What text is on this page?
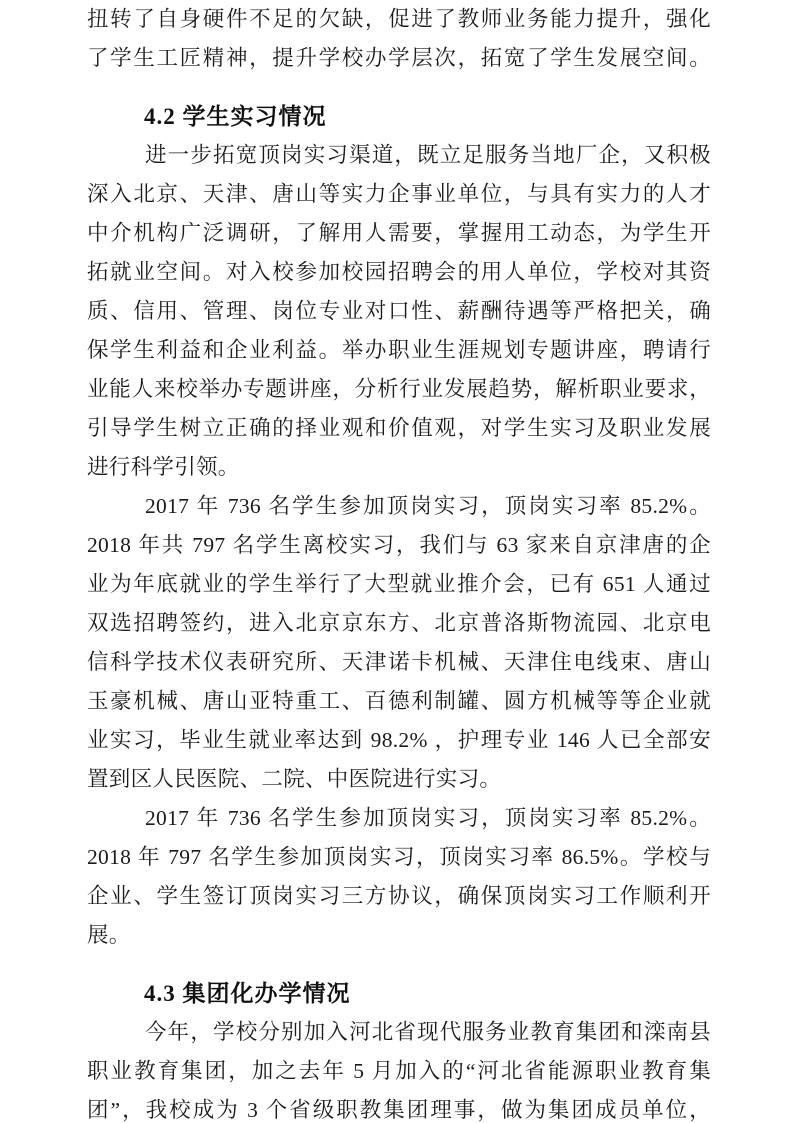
扭转了自身硬件不足的欠缺，促进了教师业务能力提升，强化
了学生工匠精神，提升学校办学层次，拓宽了学生发展空间。
4.2 学生实习情况
进一步拓宽顶岗实习渠道，既立足服务当地厂企，又积极
深入北京、天津、唐山等实力企事业单位，与具有实力的人才
中介机构广泛调研，了解用人需要，掌握用工动态，为学生开
拓就业空间。对入校参加校园招聘会的用人单位，学校对其资
质、信用、管理、岗位专业对口性、薪酬待遇等严格把关，确
保学生利益和企业利益。举办职业生涯规划专题讲座，聘请行
业能人来校举办专题讲座，分析行业发展趋势，解析职业要求，
引导学生树立正确的择业观和价值观，对学生实习及职业发展
进行科学引领。
2017 年 736 名学生参加顶岗实习，顶岗实习率 85.2%。
2018 年共 797 名学生离校实习，我们与 63 家来自京津唐的企
业为年底就业的学生举行了大型就业推介会，已有 651 人通过
双选招聘签约，进入北京京东方、北京普洛斯物流园、北京电
信科学技术仪表研究所、天津诺卡机械、天津住电线束、唐山
玉豪机械、唐山亚特重工、百德利制罐、圆方机械等等企业就
业实习，毕业生就业率达到 98.2% ，护理专业 146 人已全部安
置到区人民医院、二院、中医院进行实习。
2017 年 736 名学生参加顶岗实习，顶岗实习率 85.2%。
2018 年 797 名学生参加顶岗实习，顶岗实习率 86.5%。学校与
企业、学生签订顶岗实习三方协议，确保顶岗实习工作顺利开
展。
4.3 集团化办学情况
今年，学校分别加入河北省现代服务业教育集团和滦南县
职业教育集团，加之去年 5 月加入的“河北省能源职业教育集
团”，我校成为 3 个省级职教集团理事，做为集团成员单位，
